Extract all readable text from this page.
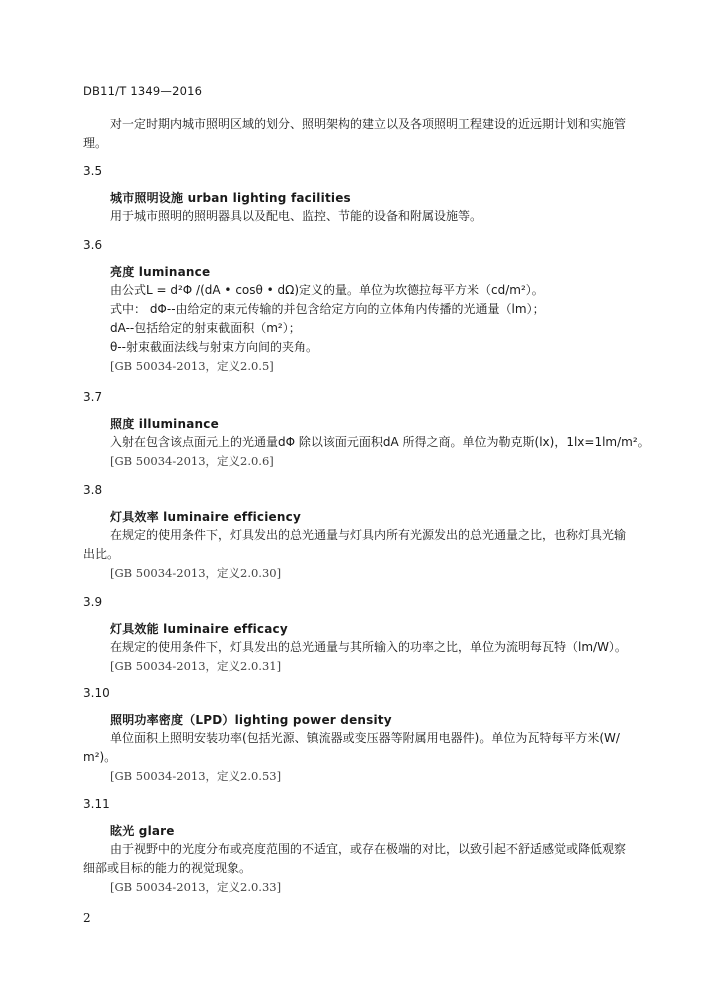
DB11/T 1349—2016

对一定时期内城市照明区域的划分、照明架构的建立以及各项照明工程建设的近远期计划和实施管

理。

3.5

城市照明设施 urban lighting facilities

用于城市照明的照明器具以及配电、监控、节能的设备和附属设施等。

3.6

亮度 luminance

由公式L = d²Φ /(dA • cosθ • dΩ)定义的量。单位为坎德拉每平方米（cd/m²）。

式中： dΦ--由给定的束元传输的并包含给定方向的立体角内传播的光通量（lm）；

dA--包括给定的射束截面积（m²）；

θ--射束截面法线与射束方向间的夹角。

[GB 50034-2013，定义2.0.5]

3.7

照度 illuminance

入射在包含该点面元上的光通量dΦ 除以该面元面积dA 所得之商。单位为勒克斯(lx)，1lx=1lm/m²。

[GB 50034-2013，定义2.0.6]

3.8

灯具效率 luminaire efficiency

在规定的使用条件下，灯具发出的总光通量与灯具内所有光源发出的总光通量之比，也称灯具光输

出比。

[GB 50034-2013，定义2.0.30]

3.9

灯具效能 luminaire efficacy

在规定的使用条件下，灯具发出的总光通量与其所输入的功率之比，单位为流明每瓦特（lm/W）。

[GB 50034-2013，定义2.0.31]

3.10

照明功率密度（LPD）lighting power density

单位面积上照明安装功率(包括光源、镇流器或变压器等附属用电器件)。单位为瓦特每平方米(W/

m²)。

[GB 50034-2013，定义2.0.53]

3.11

眩光 glare

由于视野中的光度分布或亮度范围的不适宜，或存在极端的对比，以致引起不舒适感觉或降低观察

细部或目标的能力的视觉现象。

[GB 50034-2013，定义2.0.33]

2
